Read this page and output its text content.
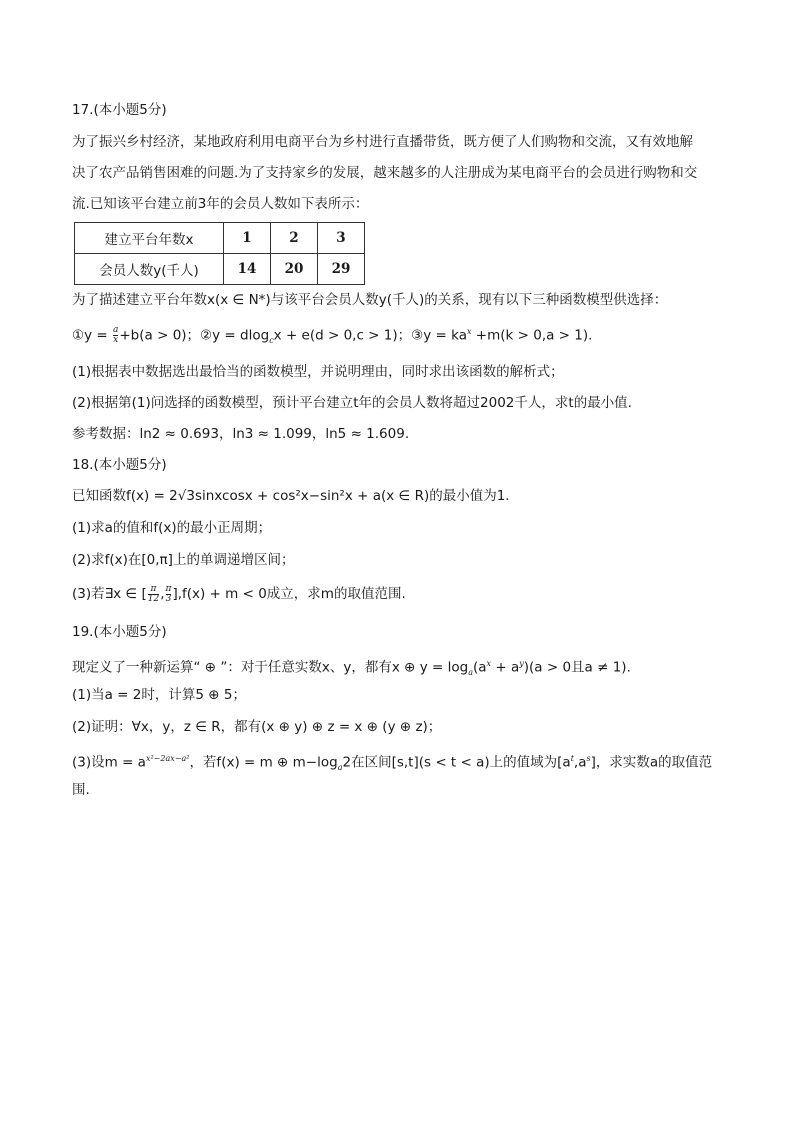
17.(本小题5分)
为了振兴乡村经济，某地政府利用电商平台为乡村进行直播带货，既方便了人们购物和交流，又有效地解
决了农产品销售困难的问题.为了支持家乡的发展，越来越多的人注册成为某电商平台的会员进行购物和交
流.已知该平台建立前3年的会员人数如下表所示：
建立平台年数x	1	2	3
会员人数y(千人)	14	20	29
为了描述建立平台年数x(x ∈ N*)与该平台会员人数y(千人)的关系，现有以下三种函数模型供选择：
①y = $\frac{a}{x} +b(a > 0)$；②y = dlog$_c$x + e(d > 0,c > 1)；③y = $ka^x +m(k > 0,a > 1)$.
(1)根据表中数据选出最恰当的函数模型，并说明理由，同时求出该函数的解析式；
(2)根据第(1)问选择的函数模型，预计平台建立t年的会员人数将超过2002千人，求t的最小值.
参考数据：ln2 ≈ 0.693，ln3 ≈ 1.099，ln5 ≈ 1.609.
18.(本小题5分)
已知函数f(x) = 2√3sinxcosx + cos²x−sin²x + a(x ∈ R)的最小值为1.
(1)求a的值和f(x)的最小正周期；
(2)求f(x)在[0,π]上的单调递增区间；
(3)若∃x ∈ [ $\frac{\pi}{12}$ , $\frac{\pi}{3} ],f(x) + m < 0$成立，求m的取值范围.
19.(本小题5分)
现定义了一种新运算“ ⊕ ”：对于任意实数x、y，都有x ⊕ $y = \log_a(a^x + a^y)(a > 0$且a ≠ 1).
(1)当a = 2时，计算5 ⊕ 5；
(2)证明：∀x，y，z ∈ R，都有(x ⊕ y) ⊕ z = x ⊕ (y ⊕ z)；
(3)设$m = a^{x^2-2ax-a^2}$，若f(x) = m ⊕ $m-\log_a2$在区间[s,t](s < t < a)上的值域为$[a^t,a^s]$，求实数a的取值范
围.
